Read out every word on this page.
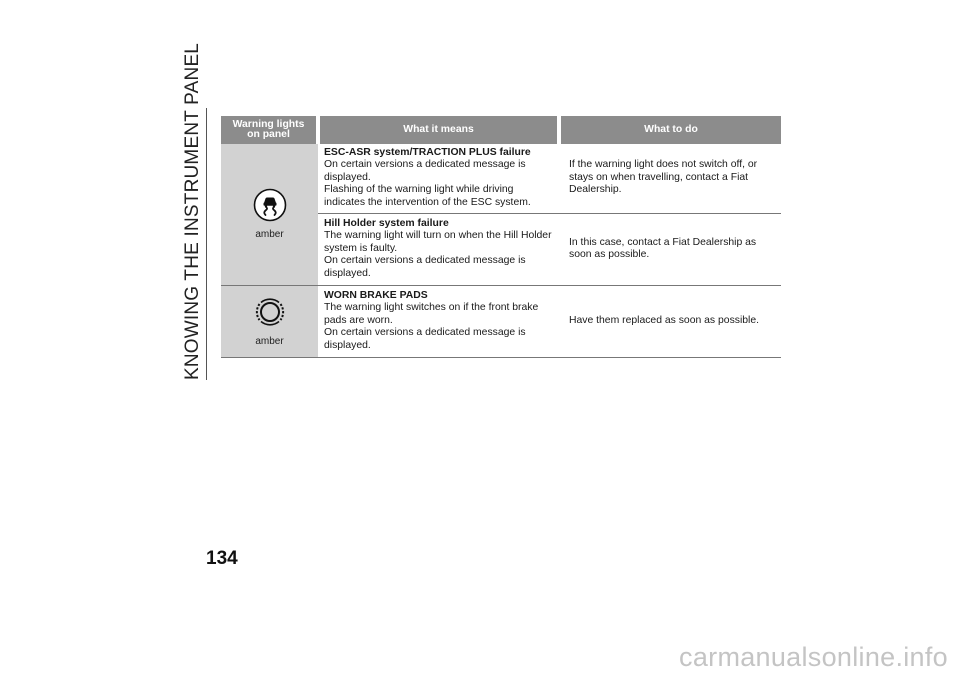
KNOWING THE INSTRUMENT PANEL	Warning lights on panel	What it means	What to do

amber	ESC-ASR system/TRACTION PLUS failure
On certain versions a dedicated message is displayed.
Flashing of the warning light while driving indicates the intervention of the ESC system.	If the warning light does not switch off, or stays on when travelling, contact a Fiat Dealership.

	Hill Holder system failure
The warning light will turn on when the Hill Holder system is faulty.
On certain versions a dedicated message is displayed.	In this case, contact a Fiat Dealership as soon as possible.

amber	WORN BRAKE PADS
The warning light switches on if the front brake pads are worn.
On certain versions a dedicated message is displayed.	Have them replaced as soon as possible.
134
carmanualsonline.info
